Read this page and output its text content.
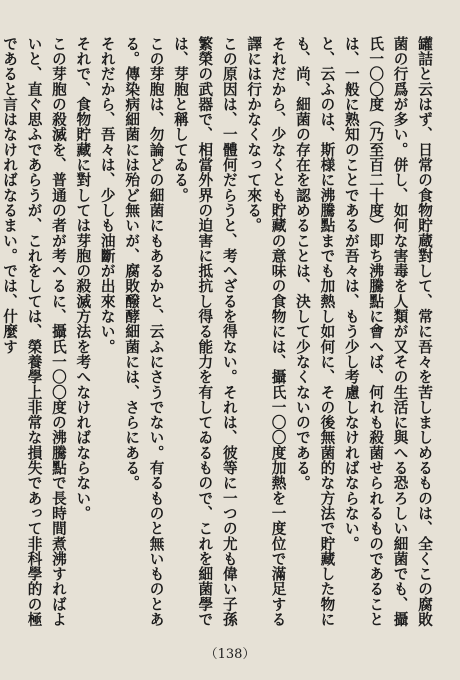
罐詰と云はず、日常の食物貯蔵對して、常に吾々を苦しましめるものは、全くこの腐敗菌の行爲が多い。併し、如何な害毒を人類が又その生活に與へる恐ろしい細菌でも、攝氏一〇〇度（乃至百二十度）即ち沸騰點に會へば、何れも殺菌せられるものであることは、一般に熟知のことであるが吾々は、もう少し考慮しなければならない。

と、云ふのは、斯様に沸騰點までも加熱し如何に、その後無菌的な方法で貯藏した物にも、尚、細菌の存在を認めることは、決して少なくないのである。

それだから、少なくとも貯藏の意味の食物には、攝氏一〇〇度加熱を一度位で滿足する譯には行かなくなって來る。

この原因は、一體何だらうと、考へざるを得ない。それは、彼等に一つの尤も偉い子孫繁榮の武器で、相當外界の迫害に抵抗し得る能力を有してゐるもので、これを細菌學では、芽胞と稱してゐる。

この芽胞は、勿論どの細菌にもあるかと、云ふにさうでない。有るものと無いものとある。傳染病細菌には殆ど無いが、腐敗醱酵細菌には、さらにある。

それだから、吾々は、少しも油斷が出來ない。

それで、食物貯藏に對しては芽胞の殺滅方法を考へなければならない。

この芽胞の殺滅を、普通の者が考へるに、攝氏一〇〇度の沸騰點で長時間煮沸すればよいと、直ぐ思ふであらうが、これをしては、榮養學上非常な損失であって非科學的の極であると言はなければなるまい。では、什麼す

（138）
